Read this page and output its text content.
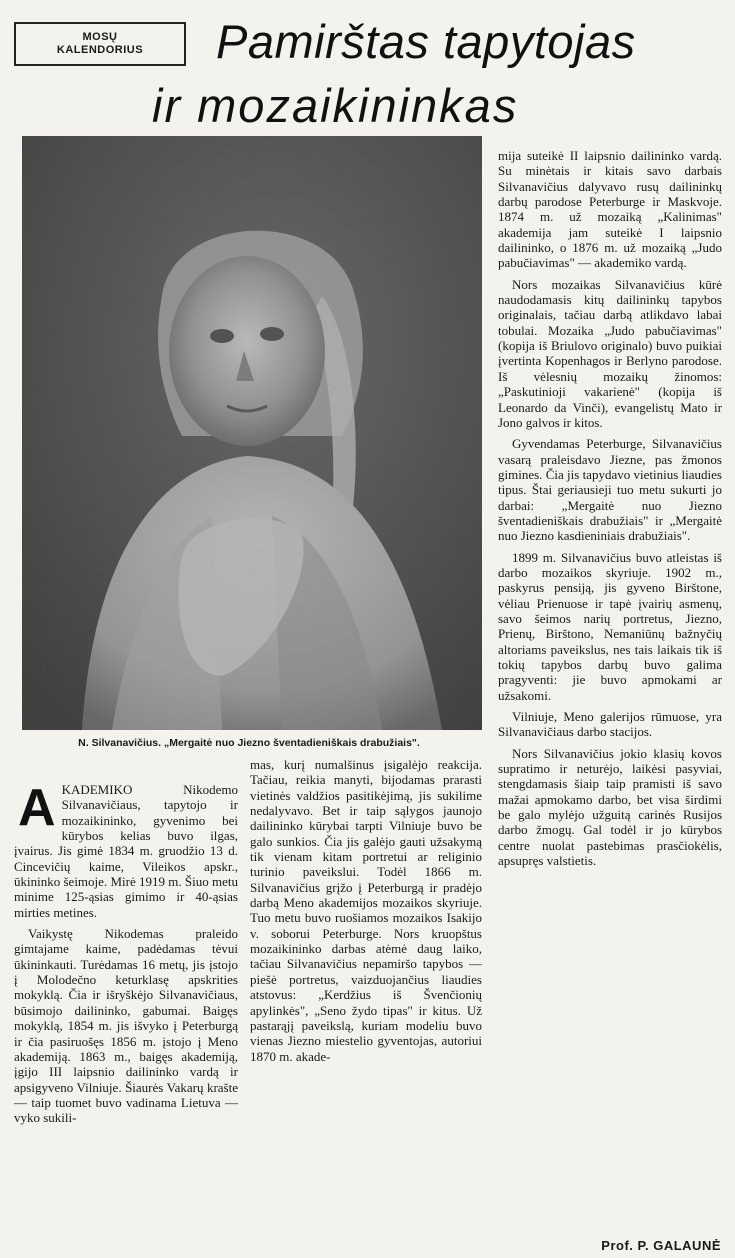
MOSŲ
KALENDORIUS Pamirštas tapytojas
ir mozaikininkas
N. Silvanavičius. „Mergaitė nuo Jiezno šventadieniškais drabužiais".

AKADEMIKO Nikodemo Silvanavičiaus, tapytojo ir mozaikininko, gyvenimo bei kūrybos kelias buvo ilgas, įvairus. Jis gimė 1834 m. gruodžio 13 d. Cincevičių kaime, Vileikos apskr., ūkininko šeimoje. Mirė 1919 m. Šiuo metu minime 125-ąsias gimimo ir 40-ąsias mirties metines.

Vaikystę Nikodemas praleido gimtajame kaime, padėdamas tėvui ūkininkauti. Turėdamas 16 metų, jis įstojo į Molodečno keturklasę apskrities mokyklą. Čia ir išryškėjo Silvanavičiaus, būsimojo dailininko, gabumai. Baigęs mokyklą, 1854 m. jis išvyko į Peterburgą ir čia pasiruošęs 1856 m. įstojo į Meno akademiją. 1863 m., baigęs akademiją, įgijo III laipsnio dailininko vardą ir apsigyveno Vilniuje. Šiaurės Vakarų kraštе — taip tuomet buvo vadinama Lietuva — vyko sukili-

mas, kurį numalšinus įsigalėjo reakcija. Tačiau, reikia manyti, bijodamas prarasti vietinės valdžios pasitikėjimą, jis sukilime nedalyvavo. Bet ir taip sąlygos jaunojo dailininko kūrybai tarpti Vilniuje buvo be galo sunkios. Čia jis galėjo gauti užsakymą tik vienam kitam portretui ar religinio turinio paveikslui. Todėl 1866 m. Silvanavičius grįžo į Peterburgą ir pradėjo darbą Meno akademijos mozaikos skyriuje. Tuo metu buvo ruošiamos mozaikos Isakijo v. soborui Peterburge. Nors kruopštus mozaikininko darbas atėmė daug laiko, tačiau Silvanavičius nepamiršo tapybos — piešė portretus, vaizduojančius liaudies atstovus: „Kerdžius iš Švenčionių apylinkės", „Seno žydo tipas" ir kitus. Už pastarąjį paveikslą, kuriam modeliu buvo vienas Jiezno miestelio gyventojas, autoriui 1870 m. akade-

mija suteikė II laipsnio dailininko vardą. Su minėtais ir kitais savo darbais Silvanavičius dalyvavo rusų dailininkų darbų parodose Peterburge ir Maskvoje. 1874 m. už mozaiką „Kalinimas" akademija jam suteikė I laipsnio dailininko, o 1876 m. už mozaiką „Judo pabučiavimas" — akademiko vardą.

Nors mozaikas Silvanavičius kūrė naudodamasis kitų dailininkų tapybos originalais, tačiau darbą atlikdavo labai tobulai. Mozaika „Judo pabučiavimas" (kopija iš Briulovo originalo) buvo puikiai įvertinta Kopenhagos ir Berlyno parodose. Iš vėlesnių mozaikų žinomos: „Paskutinioji vakarienė" (kopija iš Leonardo da Vinči), evangelistų Mato ir Jono galvos ir kitos.

Gyvendamas Peterburge, Silvanavičius vasarą praleisdavo Jiezne, pas žmonos gimines. Čia jis tapydavo vietinius liaudies tipus. Štai geriausieji tuo metu sukurti jo darbai: „Mergaitė nuo Jiezno šventadieniškais drabužiais" ir „Mergaitė nuo Jiezno kasdieniniais drabužiais".

1899 m. Silvanavičius buvo atleistas iš darbo mozaikos skyriuje. 1902 m., paskyrus pensiją, jis gyveno Birštone, vėliau Prienuose ir tapė įvairių asmenų, savo šeimos narių portretus, Jiezno, Prienų, Birštono, Nemaniūnų bažnyčių altoriams paveikslus, nes tais laikais tik iš tokių tapybos darbų buvo galima pragyventi: jie buvo apmokami ar užsakomi.

Vilniuje, Meno galerijos rūmuose, yra Silvanavičiaus darbo stacijos.

Nors Silvanavičius jokio klasių kovos supratimo ir neturėjo, laikėsi pasyviai, stengdamasis šiaip taip pramisti iš savo mažai apmokamo darbo, bet visa širdimi be galo mylėjo užguitą carinės Rusijos darbo žmogų. Gal todėl ir jo kūrybos centre nuolat pastebimas prasčiokėlis, apsupręs valstietis.

Prof. P. GALAUNĖ
